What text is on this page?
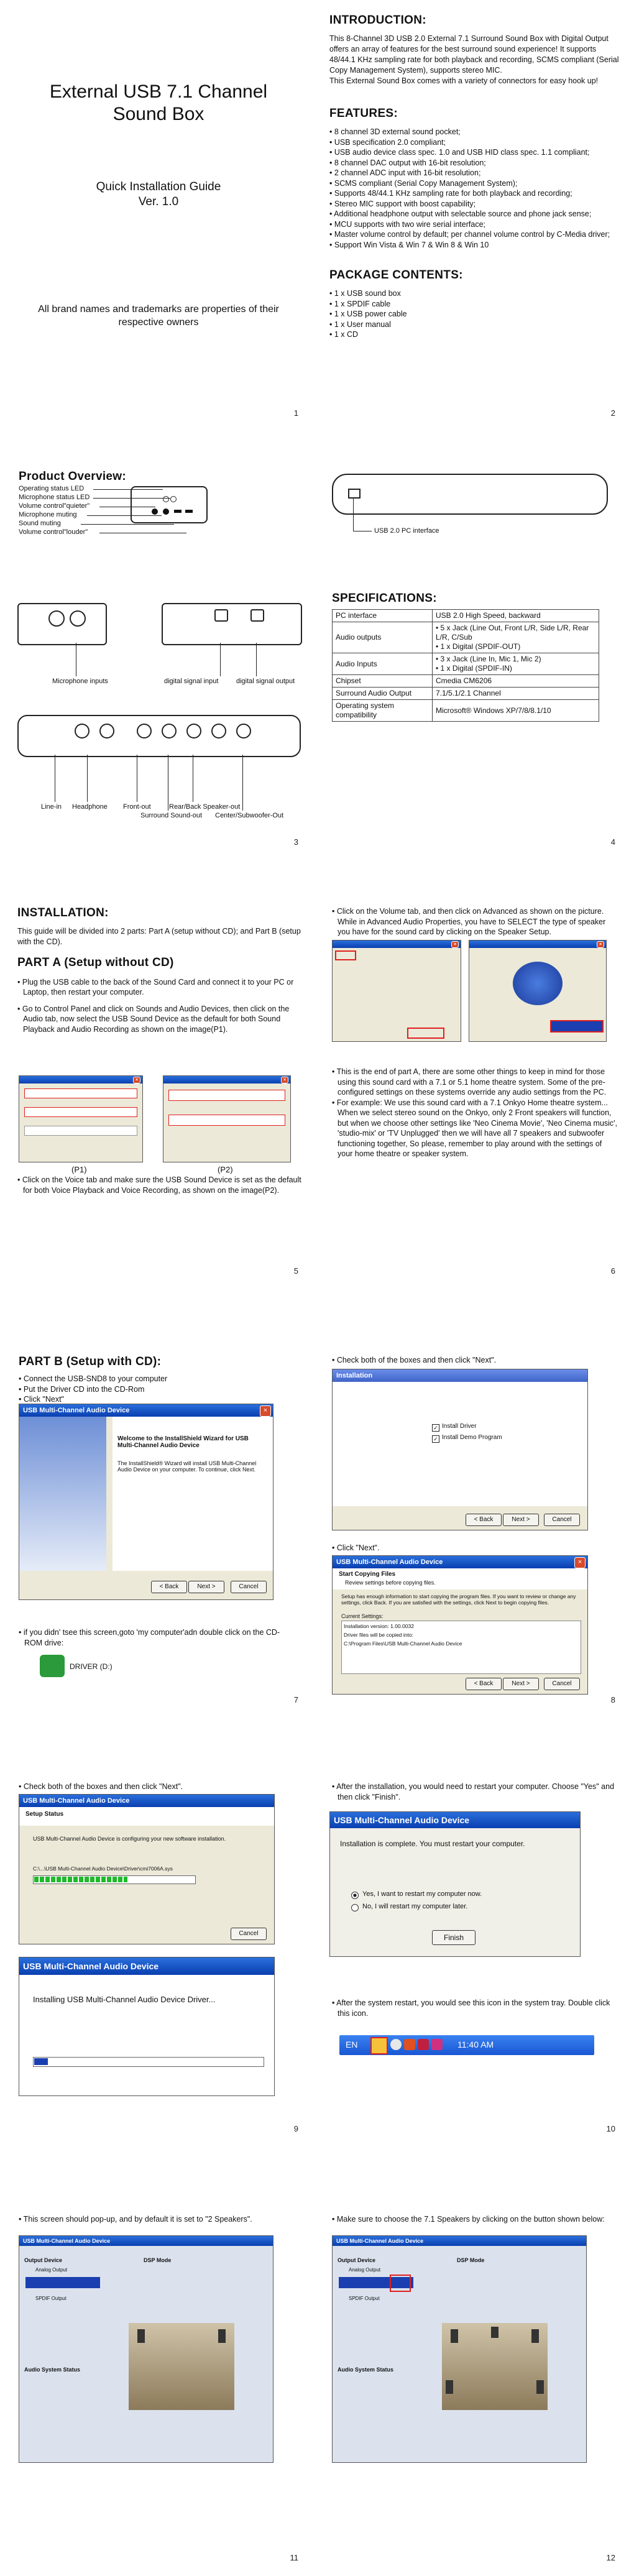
External USB 7.1 Channel Sound Box
Quick Installation Guide
Ver. 1.0
All brand names and trademarks are properties of their respective owners
1

INTRODUCTION:

This 8-Channel 3D USB 2.0 External 7.1 Surround Sound Box with Digital Output offers an array of features for the best surround sound experience! It supports 48/44.1 KHz sampling rate for both playback and recording, SCMS compliant (Serial Copy Management System), supports stereo MIC.

This External Sound Box comes with a variety of connectors for easy hook up!

FEATURES:

• 8 channel 3D external sound pocket;
• USB specification 2.0 compliant;
• USB audio device class spec. 1.0 and USB HID class spec. 1.1 compliant;
• 8 channel DAC output with 16-bit resolution;
• 2 channel ADC input with 16-bit resolution;
• SCMS compliant (Serial Copy Management System);
• Supports 48/44.1 KHz sampling rate for both playback and recording;
• Stereo MIC support with boost capability;
• Additional headphone output with selectable source and phone jack sense;
• MCU supports with two wire serial interface;
• Master volume control by default; per channel volume control by C-Media driver;
• Support Win Vista & Win 7 & Win 8 & Win 10

PACKAGE CONTENTS:

• 1 x USB sound box
• 1 x SPDIF cable
• 1 x USB power cable
• 1 x User manual
• 1 x CD
2

Product Overview:

Operating status LED
Microphone status LED
Volume control"quieter"
Microphone muting
Sound muting
Volume control"louder"
Microphone inputs	digital signal input	digital signal output
Line-in Headphone Front-out	Rear/Back Speaker-out
Surround Sound-out Center/Subwoofer-Out
3
USB 2.0 PC interface

SPECIFICATIONS:

PC interface	USB 2.0 High Speed, backward
Audio outputs	• 5 x Jack (Line Out, Front L/R, Side L/R, Rear L/R, C/Sub
• 1 x Digital (SPDIF-OUT)

Audio Inputs	• 3 x Jack (Line In, Mic 1, Mic 2)
• 1 x Digital (SPDIF-IN)

Chipset	Cmedia CM6206
Surround Audio Output	7.1/5.1/2.1 Channel
Operating system compatibility	Microsoft® Windows XP/7/8/8.1/10
4

INSTALLATION:

This guide will be divided into 2 parts: Part A (setup without CD); and Part B (setup with the CD).

PART A (Setup without CD)

• Plug the USB cable to the back of the Sound Card and connect it to your PC or Laptop, then restart your computer.
• Go to Control Panel and click on Sounds and Audio Devices, then click on the Audio tab, now select the USB Sound Device as the default for both Sound Playback and Audio Recording as shown on the image(P1).
×	×
(P1)	(P2)
• Click on the Voice tab and make sure the USB Sound Device is set as the default for both Voice Playback and Voice Recording, as shown on the image(P2).
5
• Click on the Volume tab, and then click on Advanced as shown on the picture. While in Advanced Audio Properties, you have to SELECT the type of speaker you have for the sound card by clicking on the Speaker Setup.
×	×
• This is the end of part A, there are some other things to keep in mind for those using this sound card with a 7.1 or 5.1 home theatre system. Some of the pre-configured settings on these systems override any audio settings from the PC.
• For example: We use this sound card with a 7.1 Onkyo Home theatre system... When we select stereo sound on the Onkyo, only 2 Front speakers will function, but when we choose other settings like 'Neo Cinema Movie', 'Neo Cinema music', 'studio-mix' or 'TV Unplugged' then we will have all 7 speakers and subwoofer functioning together, So please, remember to play around with the settings of your home theatre or speaker system.
6

PART B (Setup with CD):

• Connect the USB-SND8 to your computer
• Put the Driver CD into the CD-Rom
• Click "Next"
USB Multi-Channel Audio Device	×
Welcome to the InstallShield Wizard for USB Multi-Channel Audio Device
The InstallShield® Wizard will install USB Multi-Channel Audio Device on your computer. To continue, click Next.
< Back	Next >	Cancel
• if you didn' tsee this screen,goto 'my computer'adn double click on the CD-ROM drive:
DRIVER (D:)
7
• Check both of the boxes and then click "Next".
Installation
✓ Install Driver
✓ Install Demo Program
< Back	Next >	Cancel
• Click "Next".
USB Multi-Channel Audio Device	×
Start Copying Files
Review settings before copying files.
Setup has enough information to start copying the program files. If you want to review or change any settings, click Back. If you are satisfied with the settings, click Next to begin copying files.
Current Settings:
Installation version: 1.00.0032
Driver files will be copied into:
C:\Program Files\USB Multi-Channel Audio Device
< Back	Next >	Cancel
8
• Check both of the boxes and then click "Next".
USB Multi-Channel Audio Device
Setup Status
USB Multi-Channel Audio Device is configuring your new software installation.
C:\...\USB Multi-Channel Audio Device\Driver\cmi7006A.sys
Cancel
USB Multi-Channel Audio Device
Installing USB Multi-Channel Audio Device Driver...
9
• After the installation, you would need to restart your computer. Choose "Yes" and then click "Finish".
USB Multi-Channel Audio Device
Installation is complete. You must restart your computer.
Yes, I want to restart my computer now.
No, I will restart my computer later.
Finish
• After the system restart, you would see this icon in the system tray. Double click this icon.
EN	11:40 AM
10
• This screen should pop-up, and by default it is set to "2 Speakers".
USB Multi-Channel Audio Device
Output Device	DSP Mode
Analog Output
SPDIF Output
Audio System Status
11
• Make sure to choose the 7.1 Speakers by clicking on the button shown below:
USB Multi-Channel Audio Device
Output Device	DSP Mode
Analog Output
SPDIF Output
Audio System Status
12
